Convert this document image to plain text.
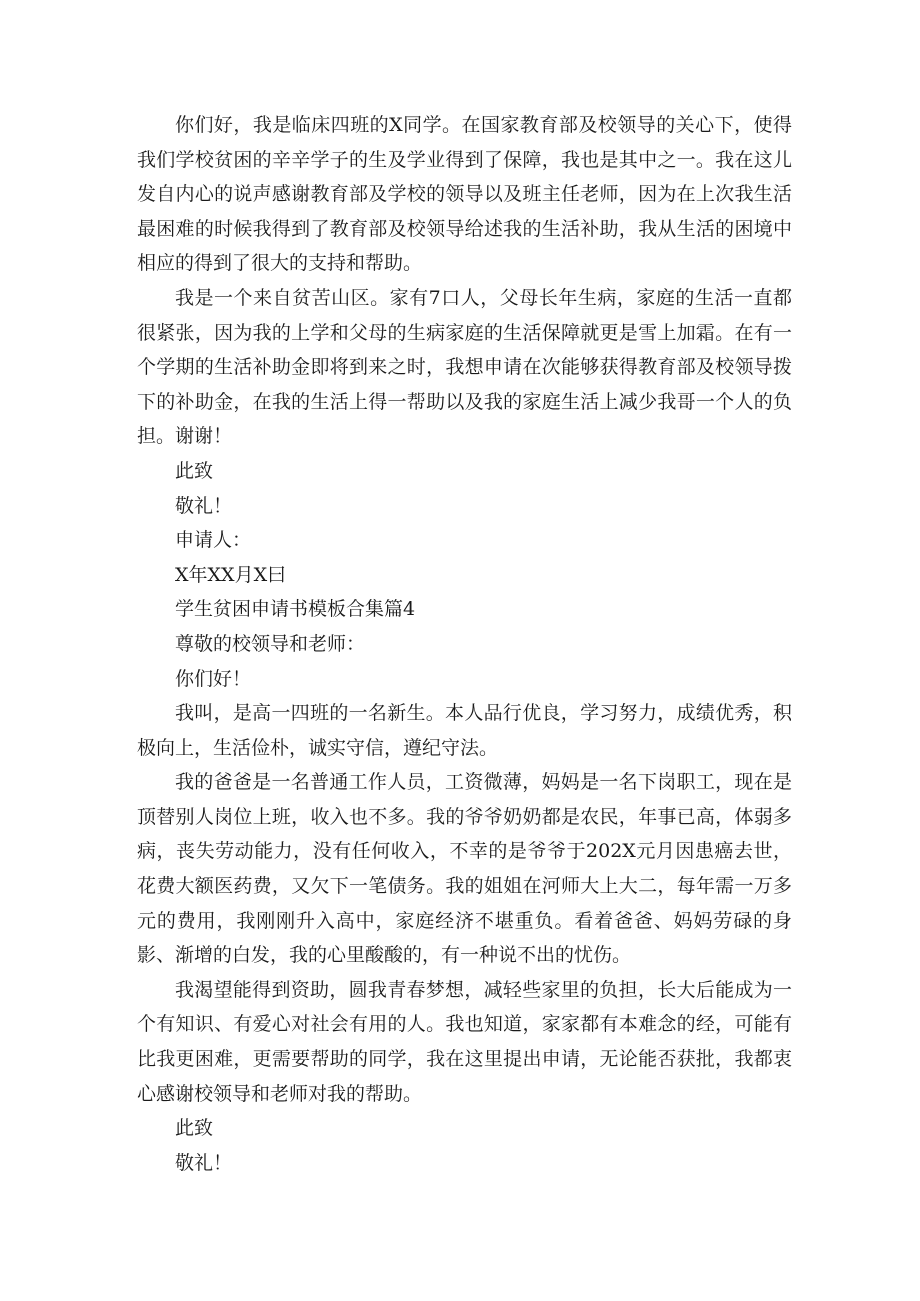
你们好，我是临床四班的X同学。在国家教育部及校领导的关心下，使得我们学校贫困的辛辛学子的生及学业得到了保障，我也是其中之一。我在这儿发自内心的说声感谢教育部及学校的领导以及班主任老师，因为在上次我生活最困难的时候我得到了教育部及校领导给述我的生活补助，我从生活的困境中相应的得到了很大的支持和帮助。

我是一个来自贫苦山区。家有7口人，父母长年生病，家庭的生活一直都很紧张，因为我的上学和父母的生病家庭的生活保障就更是雪上加霜。在有一个学期的生活补助金即将到来之时，我想申请在次能够获得教育部及校领导拨下的补助金，在我的生活上得一帮助以及我的家庭生活上减少我哥一个人的负担。谢谢！

此致

敬礼！

申请人：

X年XX月X曰

学生贫困申请书模板合集篇4

尊敬的校领导和老师：

你们好！

我叫，是高一四班的一名新生。本人品行优良，学习努力，成绩优秀，积极向上，生活俭朴，诚实守信，遵纪守法。

我的爸爸是一名普通工作人员，工资微薄，妈妈是一名下岗职工，现在是顶替别人岗位上班，收入也不多。我的爷爷奶奶都是农民，年事已高，体弱多病，丧失劳动能力，没有任何收入，不幸的是爷爷于202X元月因患癌去世，花费大额医药费，又欠下一笔债务。我的姐姐在河师大上大二，每年需一万多元的费用，我刚刚升入高中，家庭经济不堪重负。看着爸爸、妈妈劳碌的身影、渐增的白发，我的心里酸酸的，有一种说不出的忧伤。

我渴望能得到资助，圆我青春梦想，减轻些家里的负担，长大后能成为一个有知识、有爱心对社会有用的人。我也知道，家家都有本难念的经，可能有比我更困难，更需要帮助的同学，我在这里提出申请，无论能否获批，我都衷心感谢校领导和老师对我的帮助。

此致

敬礼！
